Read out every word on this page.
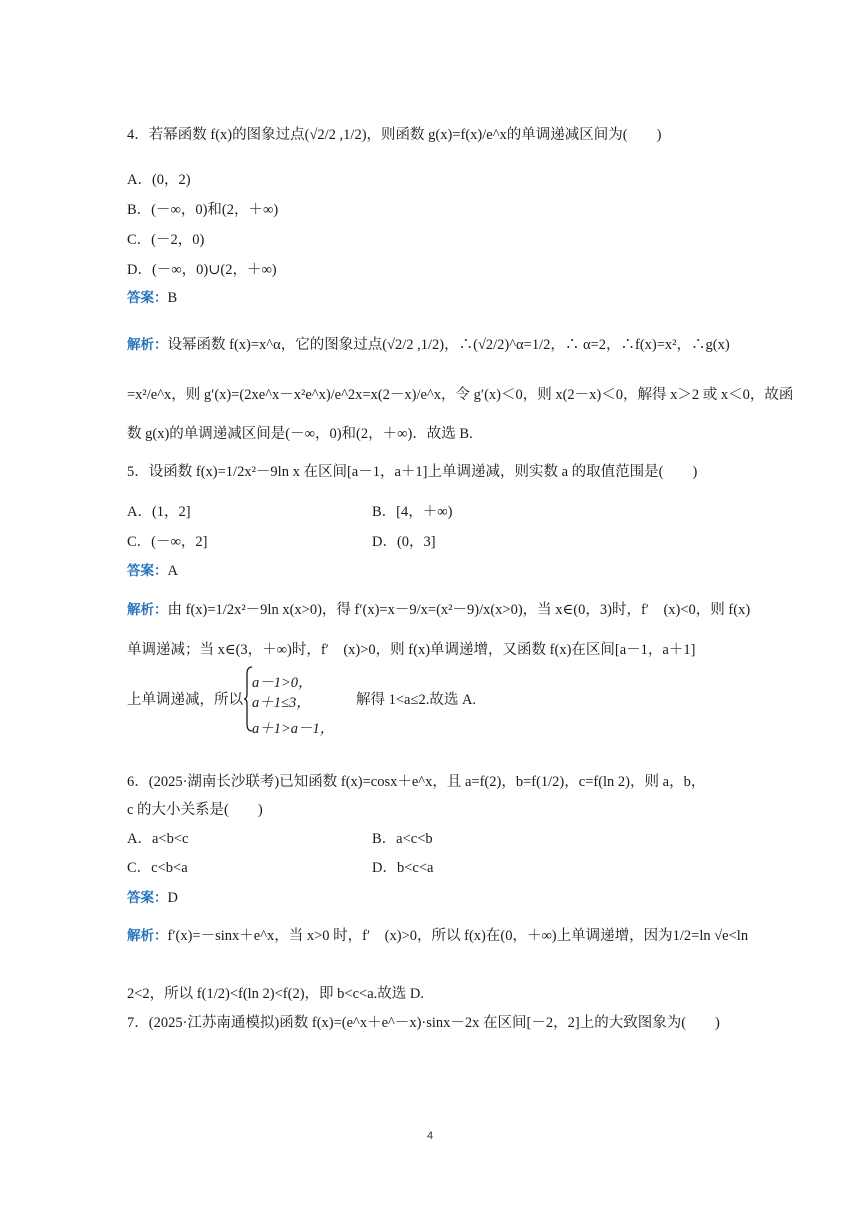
4．若幂函数 f(x)的图象过点(√2/2 ,1/2)，则函数 g(x)=f(x)/e^x的单调递减区间为(　　)
A．(0，2)
B．(－∞，0)和(2，＋∞)
C．(－2，0)
D．(－∞，0)∪(2，＋∞)
解析：设幂函数 f(x)=x^α，它的图象过点(√2/2 ,1/2)，∴(√2/2)^α=1/2，∴ α=2，∴f(x)=x²，∴g(x)
=x²/e^x，则 g′(x)=(2xe^x－x²e^x)/e^2x=x(2－x)/e^x，令 g′(x)＜0，则 x(2－x)＜0，解得 x＞2 或 x＜0，故函
数 g(x)的单调递减区间是(－∞，0)和(2，＋∞)．故选 B.
5．设函数 f(x)=1/2x²－9ln x 在区间[a－1，a＋1]上单调递减，则实数 a 的取值范围是(　　)
A．(1，2]
C．(－∞，2]
解析：由 f(x)=1/2x²－9ln x(x>0)，得 f′(x)=x－9/x=(x²－9)/x(x>0)，当 x∈(0，3)时，f′　(x)<0，则 f(x)
单调递减；当 x∈(3，＋∞)时，f′　(x)>0，则 f(x)单调递增，又函数 f(x)在区间[a－1，a＋1]
上单调递减，所以
6．(2025·湖南长沙联考)已知函数 f(x)=cosx＋e^x，且 a=f(2)，b=f(1/2)，c=f(ln 2)，则 a，b，
c 的大小关系是(　　)
A．a<b<c
C．c<b<a
解析：f′(x)=－sinx＋e^x，当 x>0 时，f′　(x)>0，所以 f(x)在(0，＋∞)上单调递增，因为1/2=ln √e<ln
2<2，所以 f(1/2)<f(ln 2)<f(2)，即 b<c<a.故选 D.
7．(2025·江苏南通模拟)函数 f(x)=(e^x＋e^－x)·sinx－2x 在区间[－2，2]上的大致图象为(　　)
B．[4，＋∞)
D．(0，3]
B．a<c<b
D．b<c<a
答案：B
答案：A
答案：D
a－1>0，
a＋1≤3，
a＋1>a－1，
解得 1<a≤2.故选 A.
4
